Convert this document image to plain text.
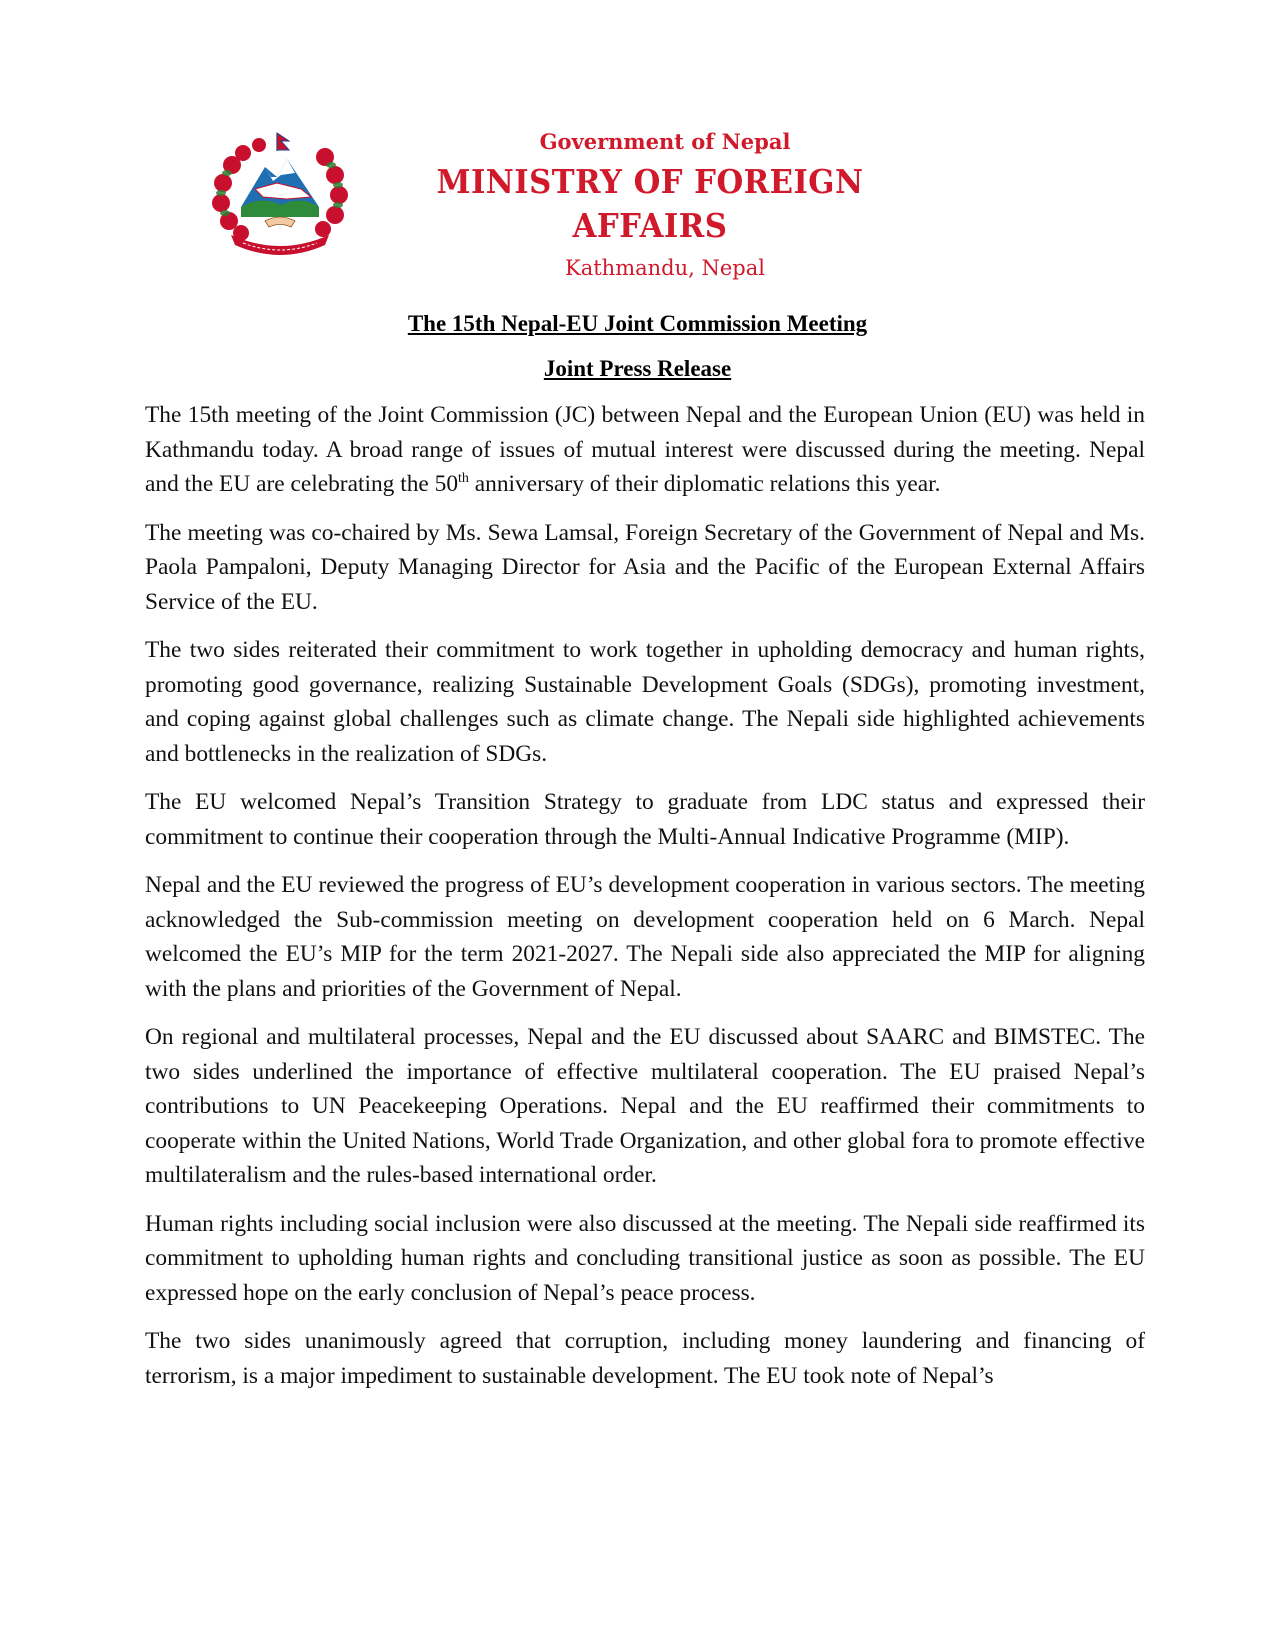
Government of Nepal
MINISTRY OF FOREIGN AFFAIRS
Kathmandu, Nepal
The 15th Nepal-EU Joint Commission Meeting
Joint Press Release

The 15th meeting of the Joint Commission (JC) between Nepal and the European Union (EU) was held in Kathmandu today. A broad range of issues of mutual interest were discussed during the meeting. Nepal and the EU are celebrating the 50th anniversary of their diplomatic relations this year.

The meeting was co-chaired by Ms. Sewa Lamsal, Foreign Secretary of the Government of Nepal and Ms. Paola Pampaloni, Deputy Managing Director for Asia and the Pacific of the European External Affairs Service of the EU.

The two sides reiterated their commitment to work together in upholding democracy and human rights, promoting good governance, realizing Sustainable Development Goals (SDGs), promoting investment, and coping against global challenges such as climate change. The Nepali side highlighted achievements and bottlenecks in the realization of SDGs.

The EU welcomed Nepal’s Transition Strategy to graduate from LDC status and expressed their commitment to continue their cooperation through the Multi-Annual Indicative Programme (MIP).

Nepal and the EU reviewed the progress of EU’s development cooperation in various sectors. The meeting acknowledged the Sub-commission meeting on development cooperation held on 6 March. Nepal welcomed the EU’s MIP for the term 2021-2027. The Nepali side also appreciated the MIP for aligning with the plans and priorities of the Government of Nepal.

On regional and multilateral processes, Nepal and the EU discussed about SAARC and BIMSTEC. The two sides underlined the importance of effective multilateral cooperation. The EU praised Nepal’s contributions to UN Peacekeeping Operations. Nepal and the EU reaffirmed their commitments to cooperate within the United Nations, World Trade Organization, and other global fora to promote effective multilateralism and the rules-based international order.

Human rights including social inclusion were also discussed at the meeting. The Nepali side reaffirmed its commitment to upholding human rights and concluding transitional justice as soon as possible. The EU expressed hope on the early conclusion of Nepal’s peace process.

The two sides unanimously agreed that corruption, including money laundering and financing of terrorism, is a major impediment to sustainable development. The EU took note of Nepal’s
